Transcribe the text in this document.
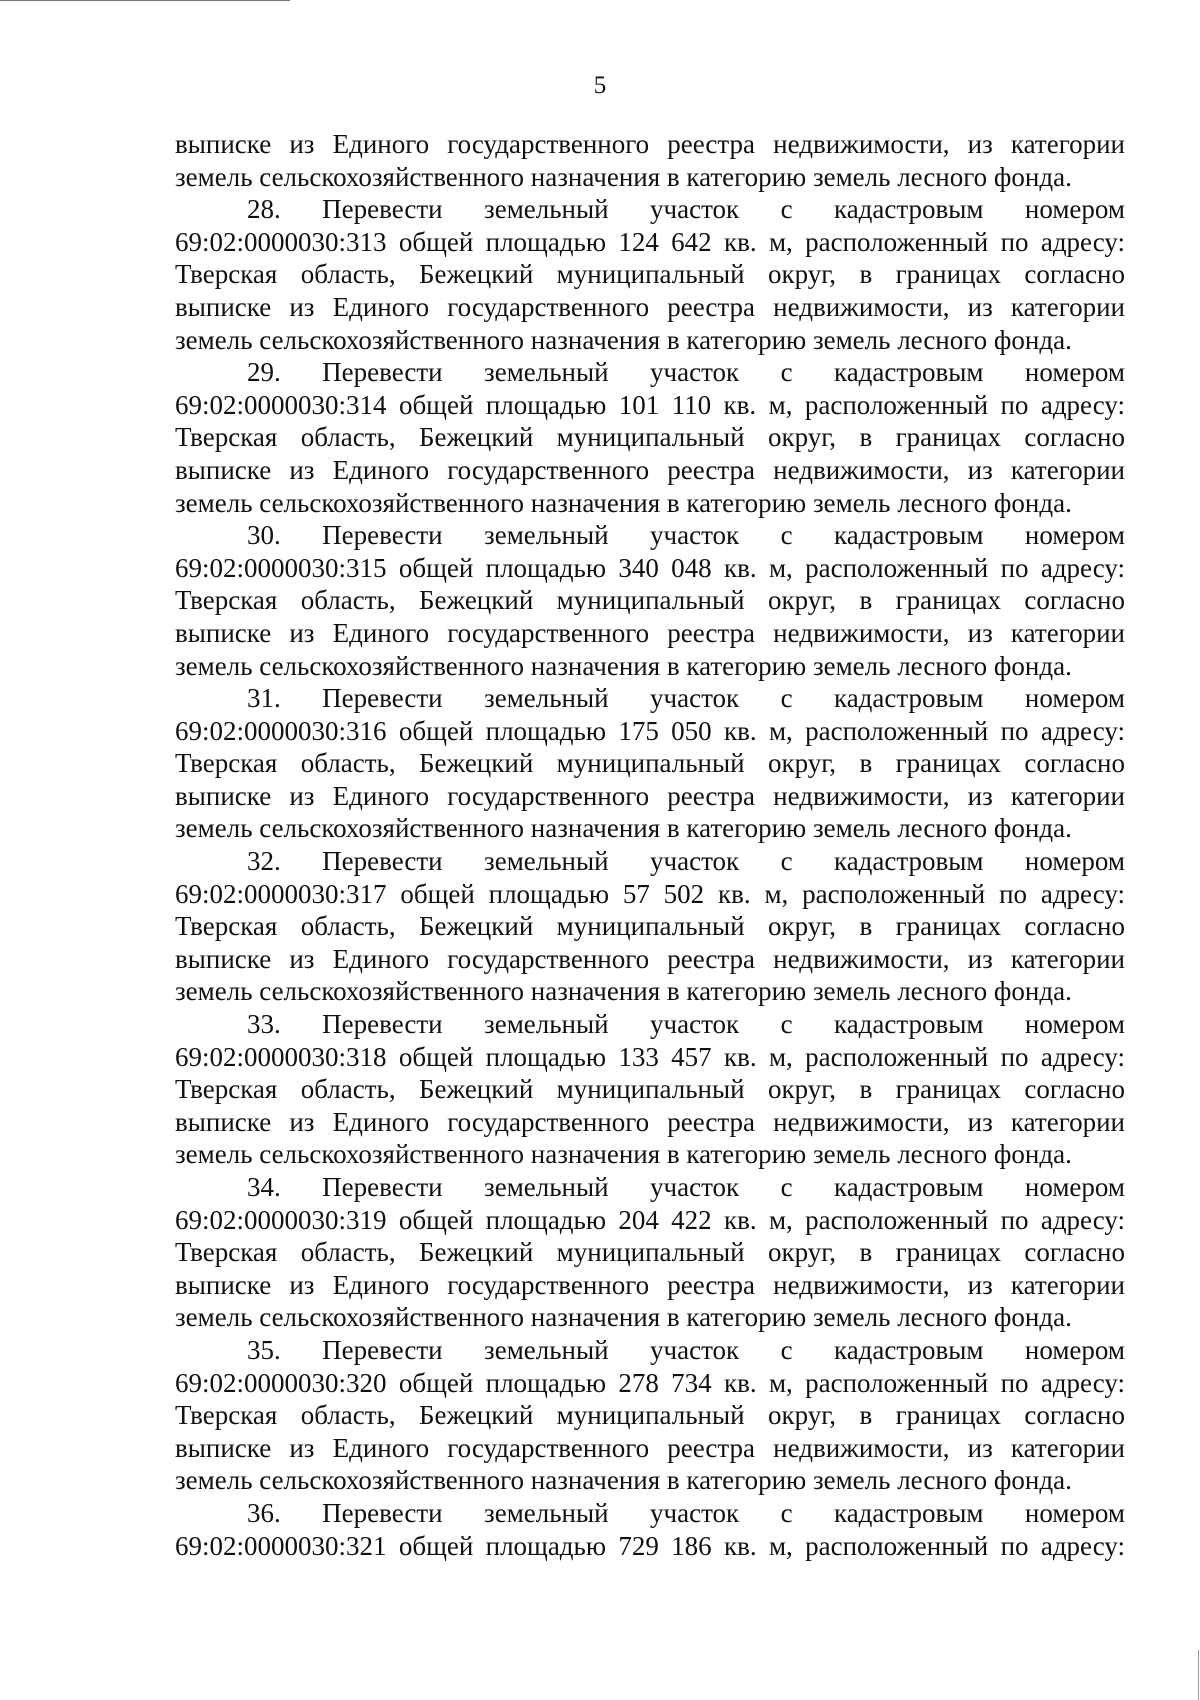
5
выписке из Единого государственного реестра недвижимости, из категории
земель сельскохозяйственного назначения в категорию земель лесного фонда.
28. Перевести земельный участок с кадастровым номером
69:02:0000030:313 общей площадью 124 642 кв. м, расположенный по адресу:
Тверская область, Бежецкий муниципальный округ, в границах согласно
выписке из Единого государственного реестра недвижимости, из категории
земель сельскохозяйственного назначения в категорию земель лесного фонда.
29. Перевести земельный участок с кадастровым номером
69:02:0000030:314 общей площадью 101 110 кв. м, расположенный по адресу:
Тверская область, Бежецкий муниципальный округ, в границах согласно
выписке из Единого государственного реестра недвижимости, из категории
земель сельскохозяйственного назначения в категорию земель лесного фонда.
30. Перевести земельный участок с кадастровым номером
69:02:0000030:315 общей площадью 340 048 кв. м, расположенный по адресу:
Тверская область, Бежецкий муниципальный округ, в границах согласно
выписке из Единого государственного реестра недвижимости, из категории
земель сельскохозяйственного назначения в категорию земель лесного фонда.
31. Перевести земельный участок с кадастровым номером
69:02:0000030:316 общей площадью 175 050 кв. м, расположенный по адресу:
Тверская область, Бежецкий муниципальный округ, в границах согласно
выписке из Единого государственного реестра недвижимости, из категории
земель сельскохозяйственного назначения в категорию земель лесного фонда.
32. Перевести земельный участок с кадастровым номером
69:02:0000030:317 общей площадью 57 502 кв. м, расположенный по адресу:
Тверская область, Бежецкий муниципальный округ, в границах согласно
выписке из Единого государственного реестра недвижимости, из категории
земель сельскохозяйственного назначения в категорию земель лесного фонда.
33. Перевести земельный участок с кадастровым номером
69:02:0000030:318 общей площадью 133 457 кв. м, расположенный по адресу:
Тверская область, Бежецкий муниципальный округ, в границах согласно
выписке из Единого государственного реестра недвижимости, из категории
земель сельскохозяйственного назначения в категорию земель лесного фонда.
34. Перевести земельный участок с кадастровым номером
69:02:0000030:319 общей площадью 204 422 кв. м, расположенный по адресу:
Тверская область, Бежецкий муниципальный округ, в границах согласно
выписке из Единого государственного реестра недвижимости, из категории
земель сельскохозяйственного назначения в категорию земель лесного фонда.
35. Перевести земельный участок с кадастровым номером
69:02:0000030:320 общей площадью 278 734 кв. м, расположенный по адресу:
Тверская область, Бежецкий муниципальный округ, в границах согласно
выписке из Единого государственного реестра недвижимости, из категории
земель сельскохозяйственного назначения в категорию земель лесного фонда.
36. Перевести земельный участок с кадастровым номером
69:02:0000030:321 общей площадью 729 186 кв. м, расположенный по адресу:
